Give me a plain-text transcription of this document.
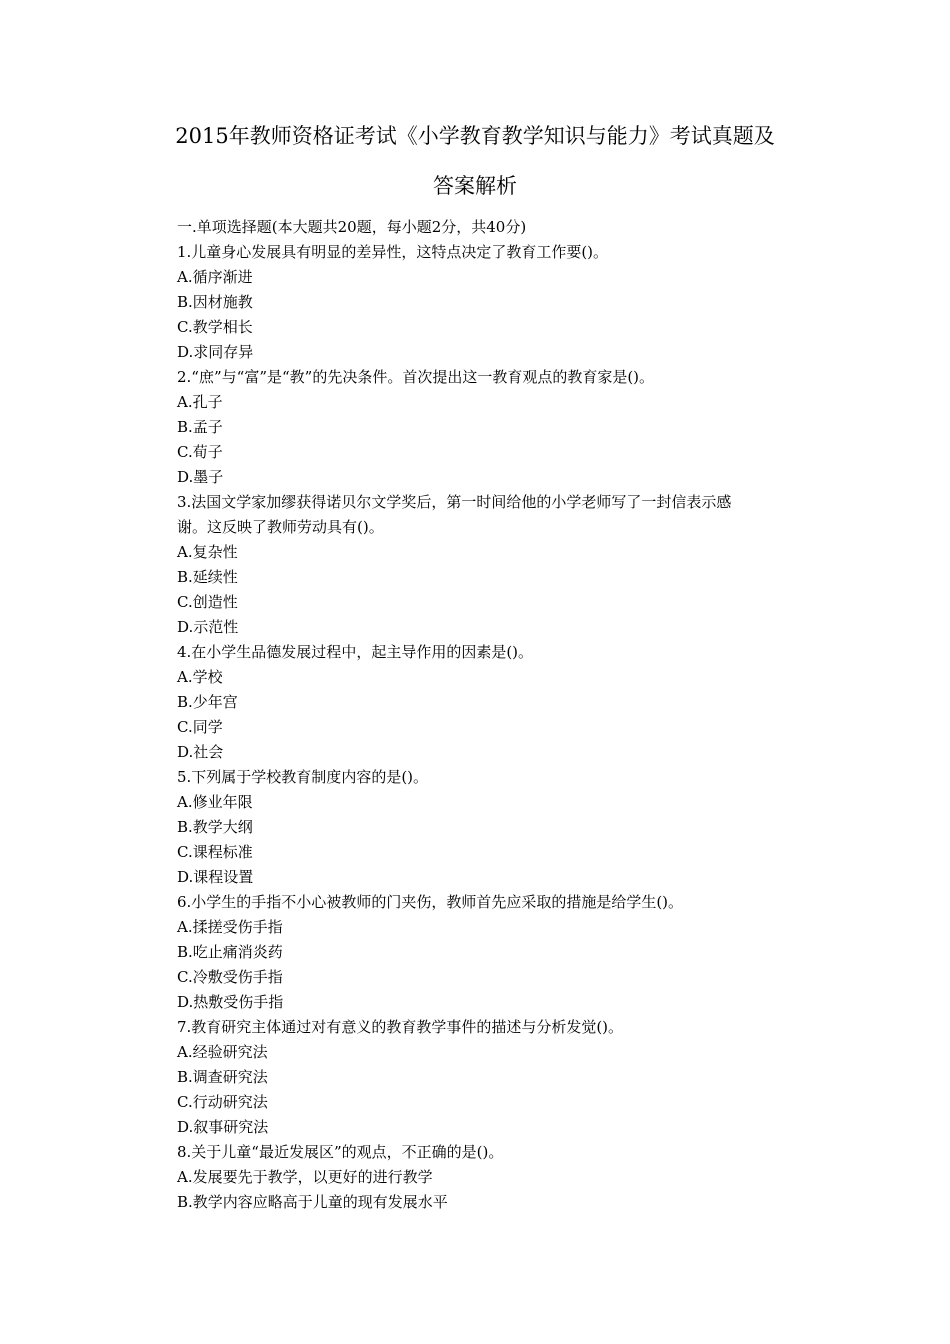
2015年教师资格证考试《小学教育教学知识与能力》考试真题及
答案解析
一.单项选择题(本大题共20题，每小题2分，共40分)
1.儿童身心发展具有明显的差异性，这特点决定了教育工作要()。
A.循序渐进
B.因材施教
C.教学相长
D.求同存异
2.“庶”与“富”是“教”的先决条件。首次提出这一教育观点的教育家是()。
A.孔子
B.孟子
C.荀子
D.墨子
3.法国文学家加缪获得诺贝尔文学奖后，第一时间给他的小学老师写了一封信表示感
谢。这反映了教师劳动具有()。
A.复杂性
B.延续性
C.创造性
D.示范性
4.在小学生品德发展过程中，起主导作用的因素是()。
A.学校
B.少年宫
C.同学
D.社会
5.下列属于学校教育制度内容的是()。
A.修业年限
B.教学大纲
C.课程标准
D.课程设置
6.小学生的手指不小心被教师的门夹伤，教师首先应采取的措施是给学生()。
A.揉搓受伤手指
B.吃止痛消炎药
C.冷敷受伤手指
D.热敷受伤手指
7.教育研究主体通过对有意义的教育教学事件的描述与分析发觉()。
A.经验研究法
B.调查研究法
C.行动研究法
D.叙事研究法
8.关于儿童“最近发展区”的观点，不正确的是()。
A.发展要先于教学，以更好的进行教学
B.教学内容应略高于儿童的现有发展水平
